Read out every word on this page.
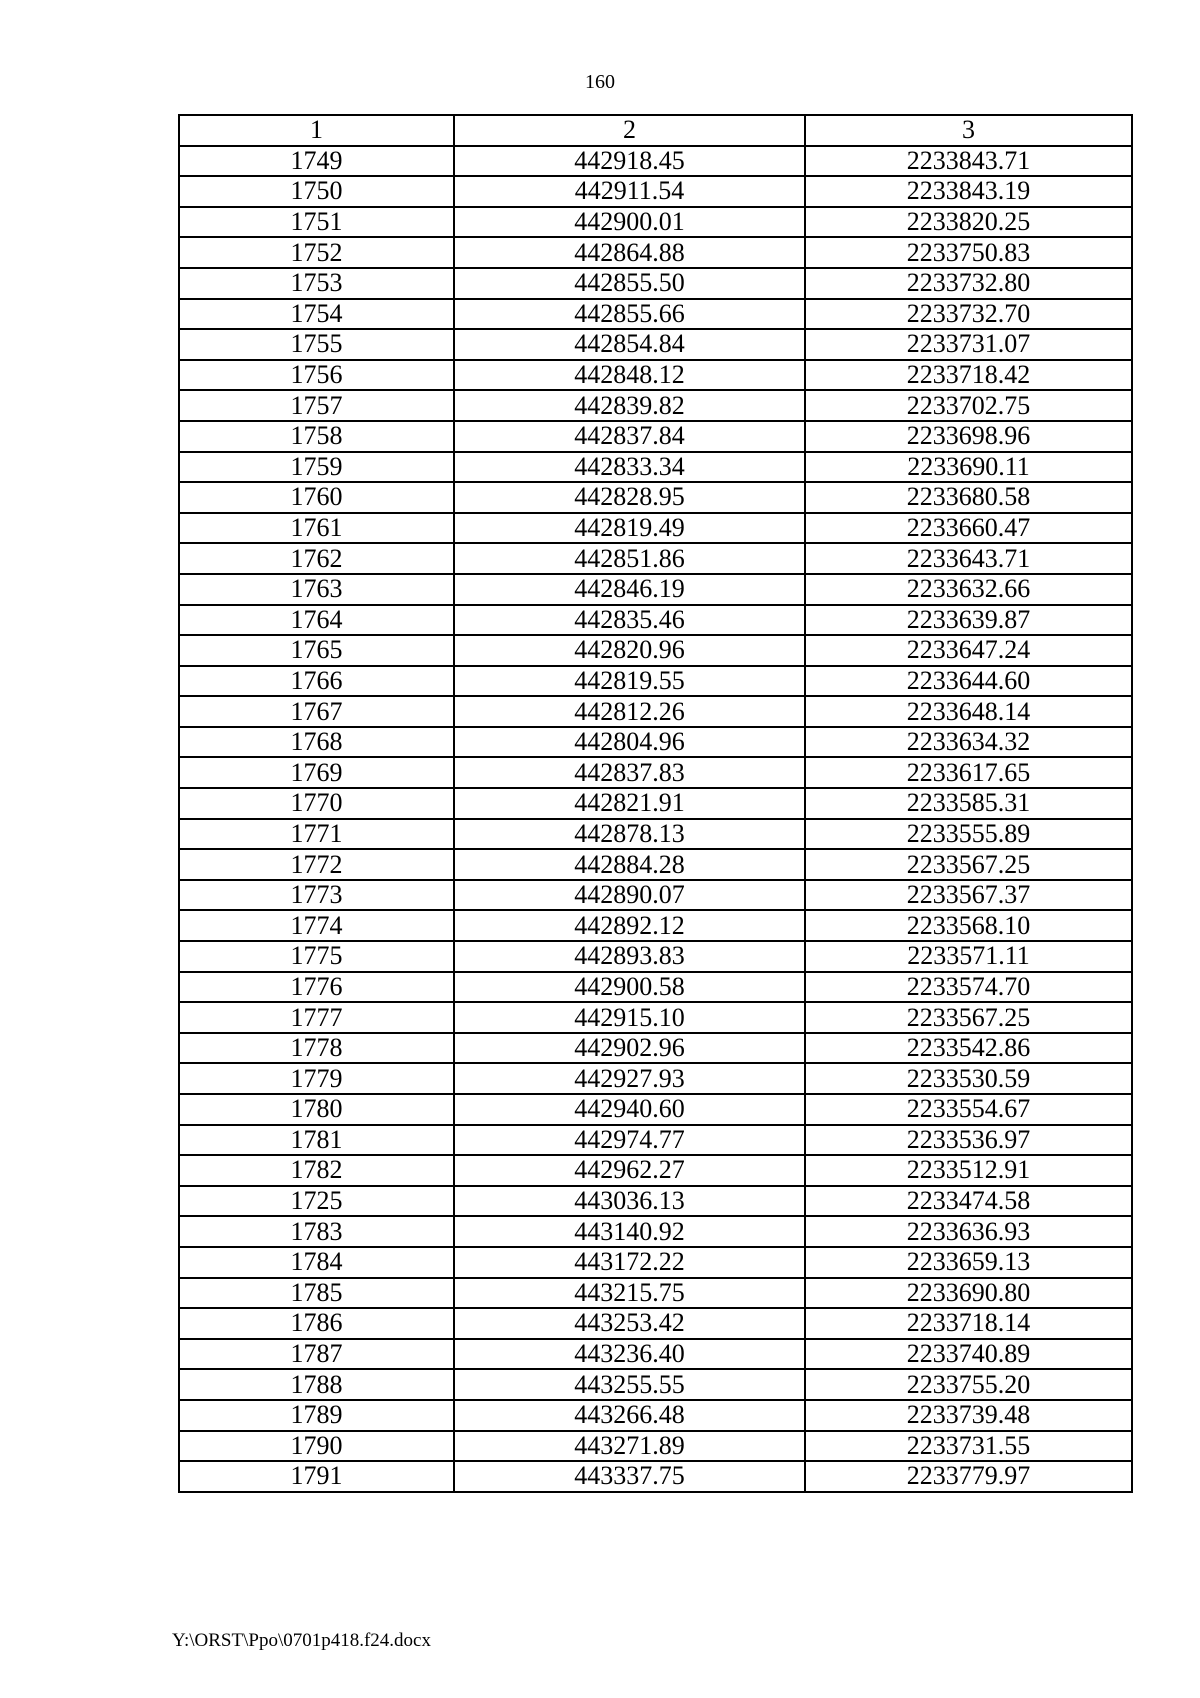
160
1	2	3
1749	442918.45	2233843.71
1750	442911.54	2233843.19
1751	442900.01	2233820.25
1752	442864.88	2233750.83
1753	442855.50	2233732.80
1754	442855.66	2233732.70
1755	442854.84	2233731.07
1756	442848.12	2233718.42
1757	442839.82	2233702.75
1758	442837.84	2233698.96
1759	442833.34	2233690.11
1760	442828.95	2233680.58
1761	442819.49	2233660.47
1762	442851.86	2233643.71
1763	442846.19	2233632.66
1764	442835.46	2233639.87
1765	442820.96	2233647.24
1766	442819.55	2233644.60
1767	442812.26	2233648.14
1768	442804.96	2233634.32
1769	442837.83	2233617.65
1770	442821.91	2233585.31
1771	442878.13	2233555.89
1772	442884.28	2233567.25
1773	442890.07	2233567.37
1774	442892.12	2233568.10
1775	442893.83	2233571.11
1776	442900.58	2233574.70
1777	442915.10	2233567.25
1778	442902.96	2233542.86
1779	442927.93	2233530.59
1780	442940.60	2233554.67
1781	442974.77	2233536.97
1782	442962.27	2233512.91
1725	443036.13	2233474.58
1783	443140.92	2233636.93
1784	443172.22	2233659.13
1785	443215.75	2233690.80
1786	443253.42	2233718.14
1787	443236.40	2233740.89
1788	443255.55	2233755.20
1789	443266.48	2233739.48
1790	443271.89	2233731.55
1791	443337.75	2233779.97
Y:\ORST\Ppo\0701p418.f24.docx
